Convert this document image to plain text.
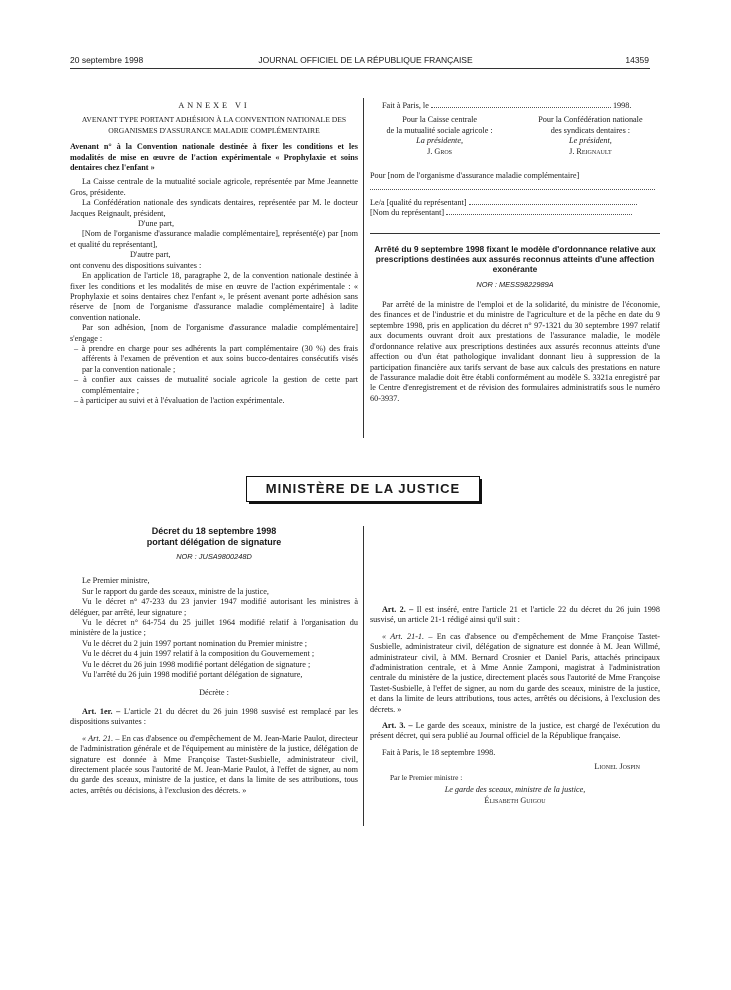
20 septembre 1998	JOURNAL OFFICIEL DE LA RÉPUBLIQUE FRANÇAISE	14359

ANNEXE VI

AVENANT TYPE PORTANT ADHÉSION À LA CONVENTION NATIONALE DES ORGANISMES D'ASSURANCE MALADIE COMPLÉMENTAIRE

Avenant n° à la Convention nationale destinée à fixer les conditions et les modalités de mise en œuvre de l'action expérimentale « Prophylaxie et soins dentaires chez l'enfant »

La Caisse centrale de la mutualité sociale agricole, représentée par Mme Jeannette Gros, présidente.

La Confédération nationale des syndicats dentaires, représentée par M. le docteur Jacques Reignault, président,

D'une part,

[Nom de l'organisme d'assurance maladie complémentaire], représenté(e) par [nom et qualité du représentant],

D'autre part,

ont convenu des dispositions suivantes :

En application de l'article 18, paragraphe 2, de la convention nationale destinée à fixer les conditions et les modalités de mise en œuvre de l'action expérimentale : « Prophylaxie et soins dentaires chez l'enfant », le présent avenant porte adhésion sans réserve de [nom de l'organisme d'assurance maladie complémentaire] à ladite convention nationale.

Par son adhésion, [nom de l'organisme d'assurance maladie complémentaire] s'engage :

– à prendre en charge pour ses adhérents la part complémentaire (30 %) des frais afférents à l'examen de prévention et aux soins bucco-dentaires consécutifs visés par la convention nationale ;

– à confier aux caisses de mutualité sociale agricole la gestion de cette part complémentaire ;

– à participer au suivi et à l'évaluation de l'action expérimentale.

Fait à Paris, le	1998.

Pour la Caisse centrale

de la mutualité sociale agricole :

La présidente,

J. Gros

Pour la Confédération nationale

des syndicats dentaires :

Le président,

J. Reignault

Pour [nom de l'organisme d'assurance maladie complémentaire]

Le/a [qualité du représentant]

[Nom du représentant]

Arrêté du 9 septembre 1998 fixant le modèle d'ordonnance relative aux prescriptions destinées aux assurés reconnus atteints d'une affection exonérante

NOR : MESS9822989A

Par arrêté de la ministre de l'emploi et de la solidarité, du ministre de l'économie, des finances et de l'industrie et du ministre de l'agriculture et de la pêche en date du 9 septembre 1998, pris en application du décret n° 97-1321 du 30 septembre 1997 relatif aux documents ouvrant droit aux prestations de l'assurance maladie, le modèle d'ordonnance relative aux prescriptions destinées aux assurés reconnus atteints d'une affection ou d'un état pathologique invalidant donnant lieu à suppression de la participation financière aux tarifs servant de base aux calculs des prestations en nature de l'assurance maladie doit être établi conformément au modèle S. 3321a enregistré par le Centre d'enregistrement et de révision des formulaires administratifs sous le numéro 60-3937.

MINISTÈRE DE LA JUSTICE

Décret du 18 septembre 1998

portant délégation de signature

NOR : JUSA9800248D

Le Premier ministre,

Sur le rapport du garde des sceaux, ministre de la justice,

Vu le décret n° 47-233 du 23 janvier 1947 modifié autorisant les ministres à déléguer, par arrêté, leur signature ;

Vu le décret n° 64-754 du 25 juillet 1964 modifié relatif à l'organisation du ministère de la justice ;

Vu le décret du 2 juin 1997 portant nomination du Premier ministre ;

Vu le décret du 4 juin 1997 relatif à la composition du Gouvernement ;

Vu le décret du 26 juin 1998 modifié portant délégation de signature ;

Vu l'arrêté du 26 juin 1998 modifié portant délégation de signature,

Décrète :

Art. 1er. – L'article 21 du décret du 26 juin 1998 susvisé est remplacé par les dispositions suivantes :

« Art. 21. – En cas d'absence ou d'empêchement de M. Jean-Marie Paulot, directeur de l'administration générale et de l'équipement au ministère de la justice, délégation de signature est donnée à Mme Françoise Tastet-Susbielle, administrateur civil, directement placée sous l'autorité de M. Jean-Marie Paulot, à l'effet de signer, au nom du garde des sceaux, ministre de la justice, et dans la limite de ses attributions, tous actes, arrêtés ou décisions, à l'exclusion des décrets. »

Art. 2. – Il est inséré, entre l'article 21 et l'article 22 du décret du 26 juin 1998 susvisé, un article 21-1 rédigé ainsi qu'il suit :

« Art. 21-1. – En cas d'absence ou d'empêchement de Mme Françoise Tastet-Susbielle, administrateur civil, délégation de signature est donnée à M. Jean Willmé, administrateur civil, à MM. Bernard Crosnier et Daniel Paris, attachés principaux d'administration centrale, et à Mme Annie Zamponi, magistrat à l'administration centrale du ministère de la justice, directement placés sous l'autorité de Mme Françoise Tastet-Susbielle, à l'effet de signer, au nom du garde des sceaux, ministre de la justice, et dans la limite de leurs attributions, tous actes, arrêtés ou décisions, à l'exclusion des décrets. »

Art. 3. – Le garde des sceaux, ministre de la justice, est chargé de l'exécution du présent décret, qui sera publié au Journal officiel de la République française.

Fait à Paris, le 18 septembre 1998.

Lionel Jospin

Par le Premier ministre :

Le garde des sceaux, ministre de la justice,

Élisabeth Guigou
